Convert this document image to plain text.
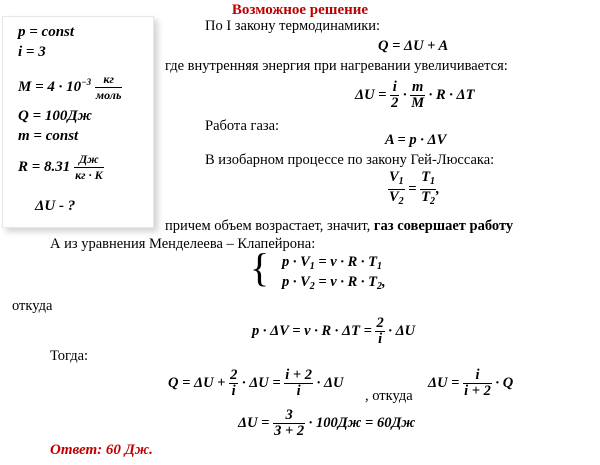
Возможное решение
p = const
i = 3
$M = 4 \cdot 10^{-3} \frac{кг}{\text{моль}}$
Q = 100Дж
m = const
$R = 8.31 \frac{Дж}{кг \cdot K}$
ΔU - ?
По I закону термодинамики:
Q = ΔU + A
где внутренняя энергия при нагревании увеличивается:
$\Delta U = \frac{i}{2} \cdot \frac{m}{M} \cdot R \cdot \Delta T$
Работа газа:
A = p · ΔV
В изобарном процессе по закону Гей-Люссака:
$\frac{V_1}{V_2} = \frac{T_1}{T_2}$ ,
причем объем возрастает, значит, газ совершает работу
А из уравнения Менделеева – Клапейрона:
{ $p \cdot V_1 = \nu \cdot R \cdot T_1$
$p \cdot V_2 = \nu \cdot R \cdot T_2$,
откуда
$p \cdot \Delta V = \nu \cdot R \cdot \Delta T = \frac{2}{i} \cdot \Delta U$
Тогда:
$Q = \Delta U + \frac{2}{i} \cdot \Delta U = \frac{i + 2}{i} \cdot \Delta U$
, откуда
$\Delta U = \frac{i}{i + 2} \cdot Q$
$\Delta U = \frac{3}{3 + 2} \cdot 100Дж = 60Дж$
Ответ: 60 Дж.
